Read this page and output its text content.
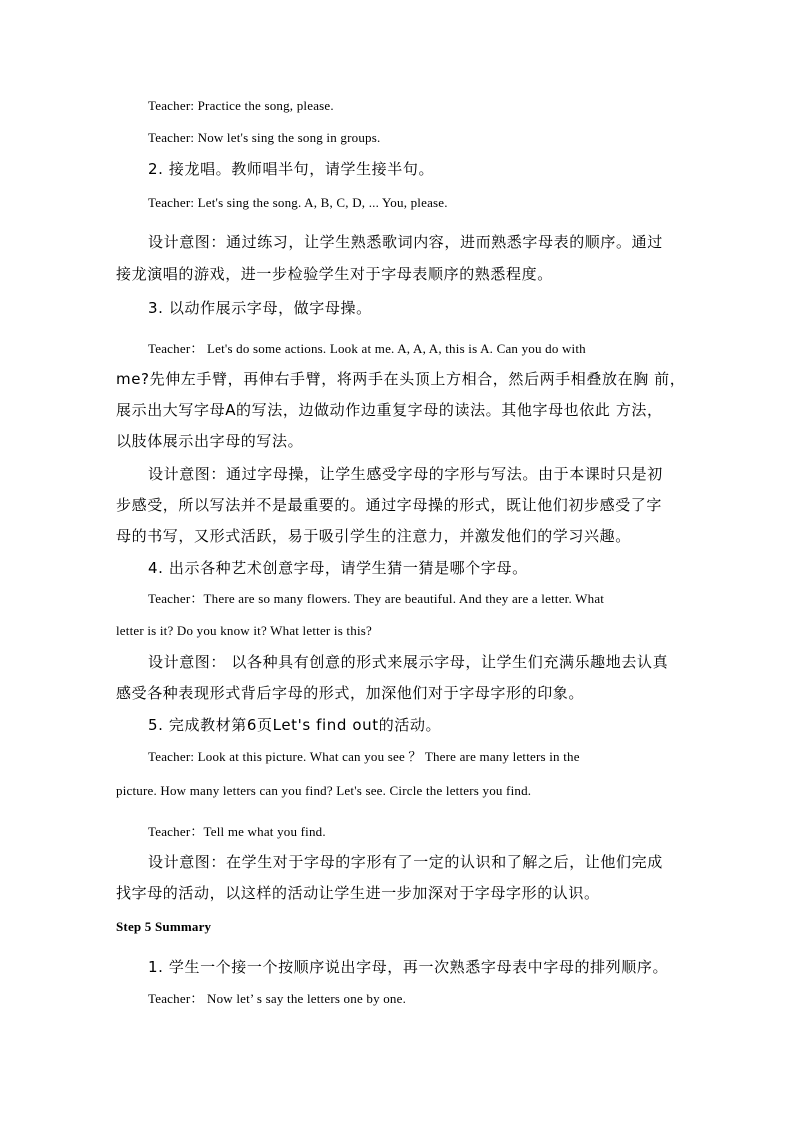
Teacher: Practice the song, please.
Teacher: Now let's sing the song in groups.
2. 接龙唱。教师唱半句，请学生接半句。
Teacher: Let's sing the song. A, B, C, D, ... You, please.
设计意图：通过练习，让学生熟悉歌词内容，进而熟悉字母表的顺序。通过
接龙演唱的游戏，进一步检验学生对于字母表顺序的熟悉程度。
3. 以动作展示字母，做字母操。
Teacher： Let's do some actions. Look at me. A, A, A, this is A. Can you do with
me?先伸左手臂，再伸右手臂，将两手在头顶上方相合，然后两手相叠放在胸 前，
展示出大写字母A的写法，边做动作边重复字母的读法。其他字母也依此 方法，
以肢体展示出字母的写法。
设计意图：通过字母操，让学生感受字母的字形与写法。由于本课时只是初
步感受，所以写法并不是最重要的。通过字母操的形式，既让他们初步感受了字
母的书写，又形式活跃，易于吸引学生的注意力，并激发他们的学习兴趣。
4. 出示各种艺术创意字母，请学生猜一猜是哪个字母。
Teacher：There are so many flowers. They are beautiful. And they are a letter. What
letter is it? Do you know it? What letter is this?
设计意图： 以各种具有创意的形式来展示字母，让学生们充满乐趣地去认真
感受各种表现形式背后字母的形式，加深他们对于字母字形的印象。
5. 完成教材第6页Let's find out的活动。
Teacher: Look at this picture. What can you see ？ There are many letters in the
picture. How many letters can you find? Let's see. Circle the letters you find.
Teacher：Tell me what you find.
设计意图：在学生对于字母的字形有了一定的认识和了解之后，让他们完成
找字母的活动，以这样的活动让学生进一步加深对于字母字形的认识。
Step 5 Summary
1. 学生一个接一个按顺序说出字母，再一次熟悉字母表中字母的排列顺序。
Teacher： Now let’ s say the letters one by one.
